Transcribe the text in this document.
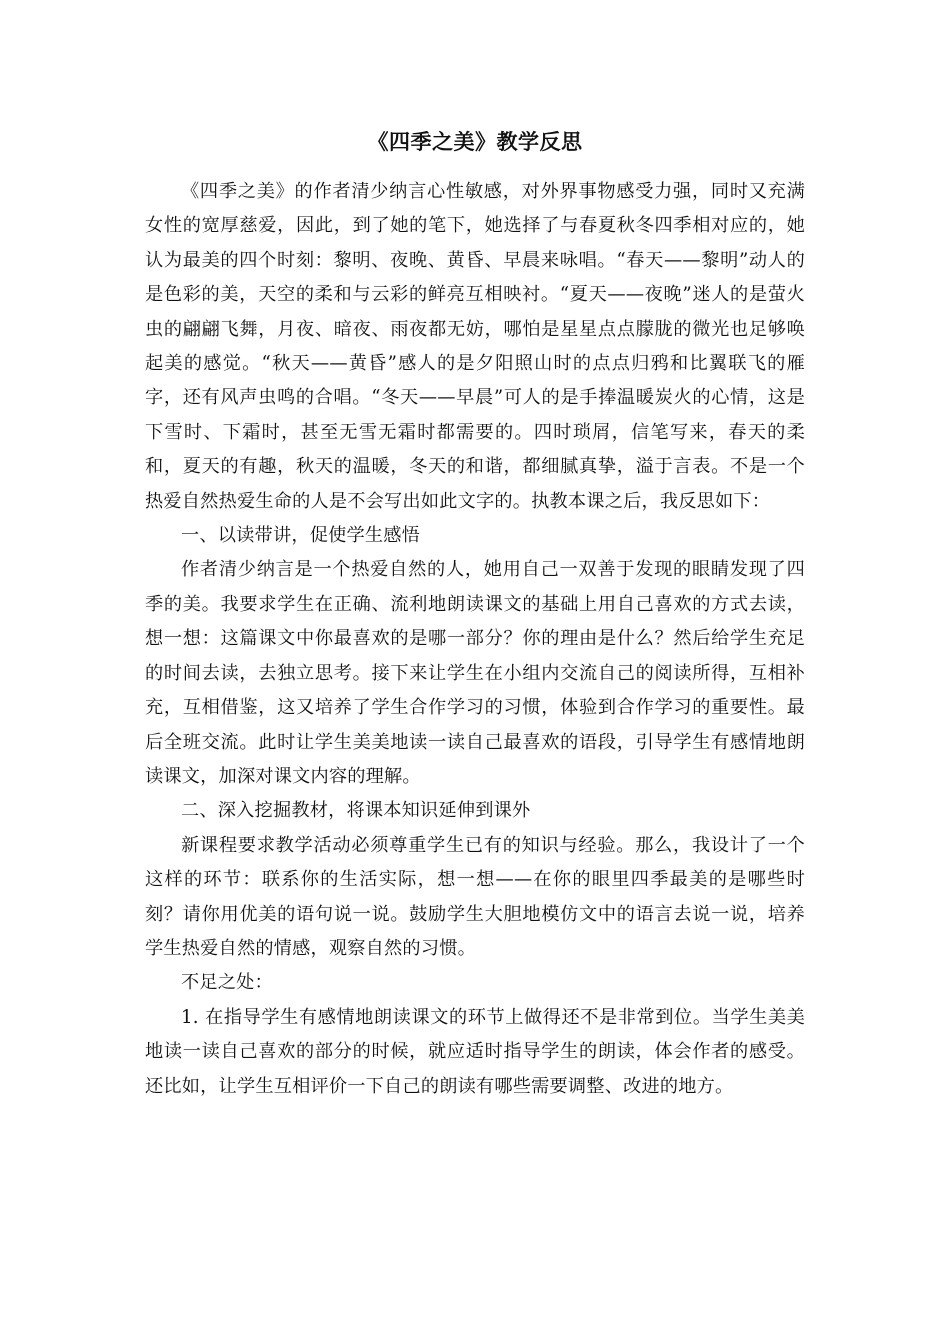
《四季之美》教学反思

《四季之美》的作者清少纳言心性敏感，对外界事物感受力强，同时又充满女性的宽厚慈爱，因此，到了她的笔下，她选择了与春夏秋冬四季相对应的，她认为最美的四个时刻：黎明、夜晚、黄昏、早晨来咏唱。“春天——黎明”动人的是色彩的美，天空的柔和与云彩的鲜亮互相映衬。“夏天——夜晚”迷人的是萤火虫的翩翩飞舞，月夜、暗夜、雨夜都无妨，哪怕是星星点点朦胧的微光也足够唤起美的感觉。“秋天——黄昏”感人的是夕阳照山时的点点归鸦和比翼联飞的雁字，还有风声虫鸣的合唱。“冬天——早晨”可人的是手捧温暖炭火的心情，这是下雪时、下霜时，甚至无雪无霜时都需要的。四时琐屑，信笔写来，春天的柔和，夏天的有趣，秋天的温暖，冬天的和谐，都细腻真挚，溢于言表。不是一个热爱自然热爱生命的人是不会写出如此文字的。执教本课之后，我反思如下：

一、以读带讲，促使学生感悟

作者清少纳言是一个热爱自然的人，她用自己一双善于发现的眼睛发现了四季的美。我要求学生在正确、流利地朗读课文的基础上用自己喜欢的方式去读，想一想：这篇课文中你最喜欢的是哪一部分？你的理由是什么？然后给学生充足的时间去读，去独立思考。接下来让学生在小组内交流自己的阅读所得，互相补充，互相借鉴，这又培养了学生合作学习的习惯，体验到合作学习的重要性。最后全班交流。此时让学生美美地读一读自己最喜欢的语段，引导学生有感情地朗读课文，加深对课文内容的理解。

二、深入挖掘教材，将课本知识延伸到课外

新课程要求教学活动必须尊重学生已有的知识与经验。那么，我设计了一个这样的环节：联系你的生活实际，想一想——在你的眼里四季最美的是哪些时刻？请你用优美的语句说一说。鼓励学生大胆地模仿文中的语言去说一说，培养学生热爱自然的情感，观察自然的习惯。

不足之处：

1. 在指导学生有感情地朗读课文的环节上做得还不是非常到位。当学生美美地读一读自己喜欢的部分的时候，就应适时指导学生的朗读，体会作者的感受。还比如，让学生互相评价一下自己的朗读有哪些需要调整、改进的地方。
